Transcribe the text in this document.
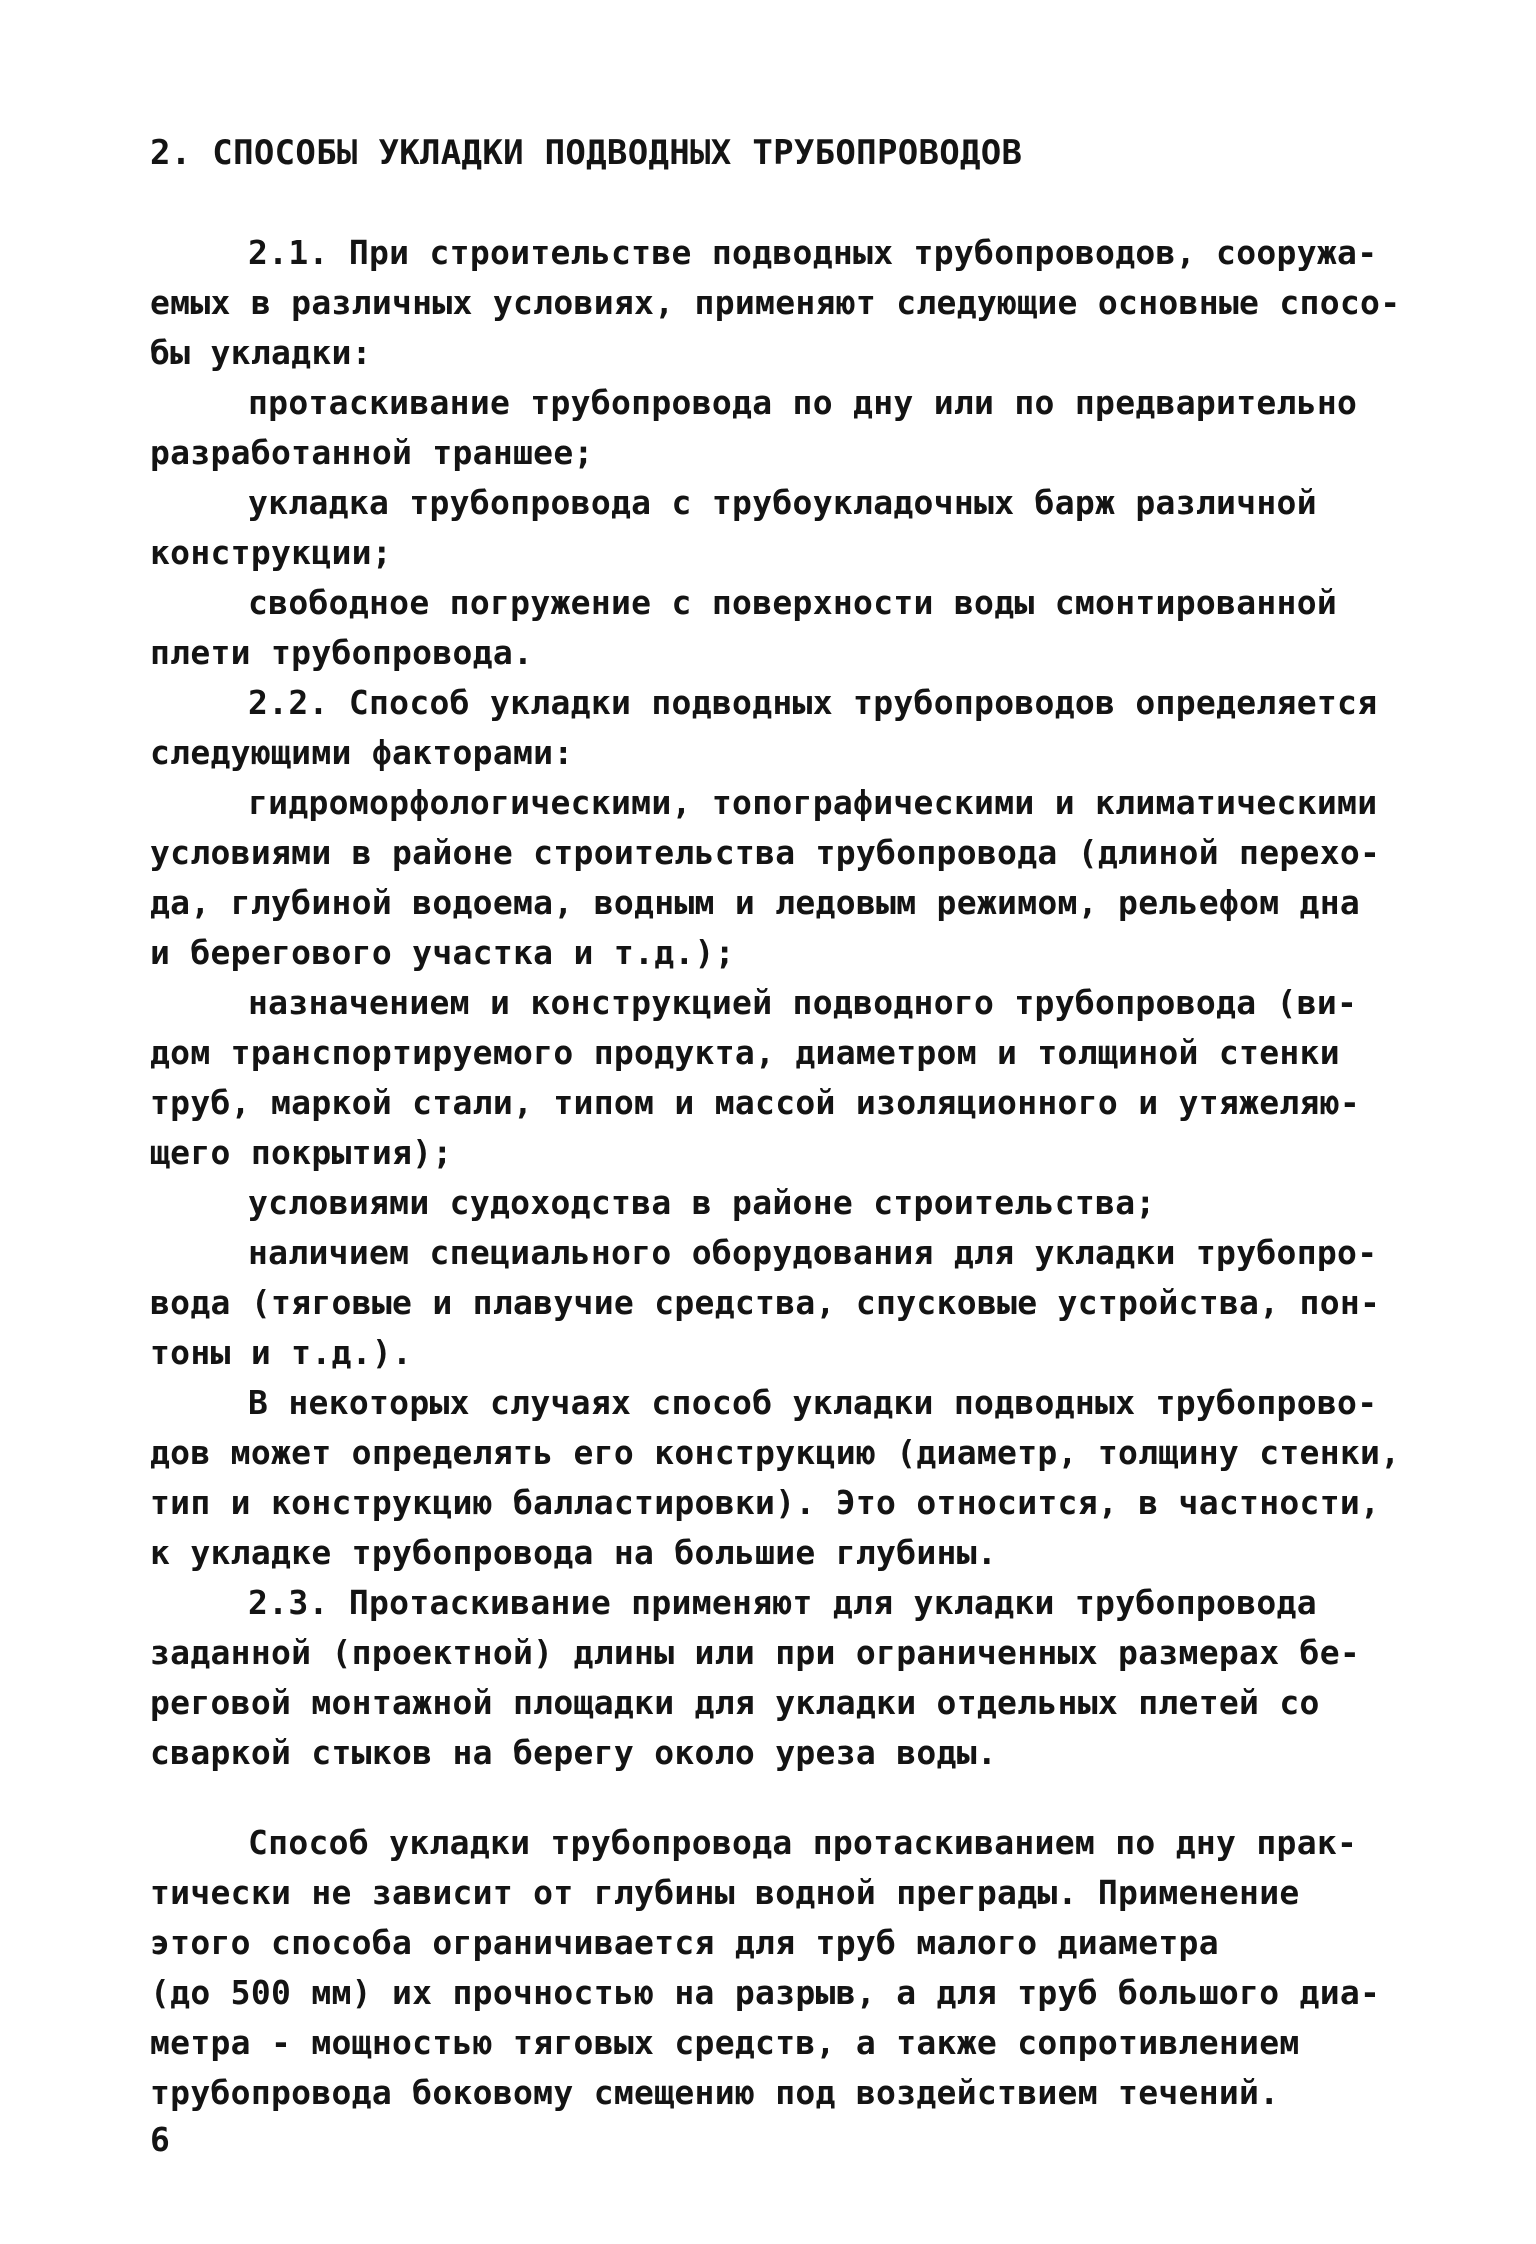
2. СПОСОБЫ УКЛАДКИ ПОДВОДНЫХ ТРУБОПРОВОДОВ
2.1. При строительстве подводных трубопроводов, сооружа-
емых в различных условиях, применяют следующие основные спосо-
бы укладки:
протаскивание трубопровода по дну или по предварительно
разработанной траншее;
укладка трубопровода с трубоукладочных барж различной
конструкции;
свободное погружение с поверхности воды смонтированной
плети трубопровода.
2.2. Способ укладки подводных трубопроводов определяется
следующими факторами:
гидроморфологическими, топографическими и климатическими
условиями в районе строительства трубопровода (длиной перехо-
да, глубиной водоема, водным и ледовым режимом, рельефом дна
и берегового участка и т.д.);
назначением и конструкцией подводного трубопровода (ви-
дом транспортируемого продукта, диаметром и толщиной стенки
труб, маркой стали, типом и массой изоляционного и утяжеляю-
щего покрытия);
условиями судоходства в районе строительства;
наличием специального оборудования для укладки трубопро-
вода (тяговые и плавучие средства, спусковые устройства, пон-
тоны и т.д.).
В некоторых случаях способ укладки подводных трубопрово-
дов может определять его конструкцию (диаметр, толщину стенки,
тип и конструкцию балластировки). Это относится, в частности,
к укладке трубопровода на большие глубины.
2.3. Протаскивание применяют для укладки трубопровода
заданной (проектной) длины или при ограниченных размерах бе-
реговой монтажной площадки для укладки отдельных плетей со
сваркой стыков на берегу около уреза воды.
Способ укладки трубопровода протаскиванием по дну прак-
тически не зависит от глубины водной преграды. Применение
этого способа ограничивается для труб малого диаметра
(до 500 мм) их прочностью на разрыв, а для труб большого диа-
метра - мощностью тяговых средств, а также сопротивлением
трубопровода боковому смещению под воздействием течений.
6
